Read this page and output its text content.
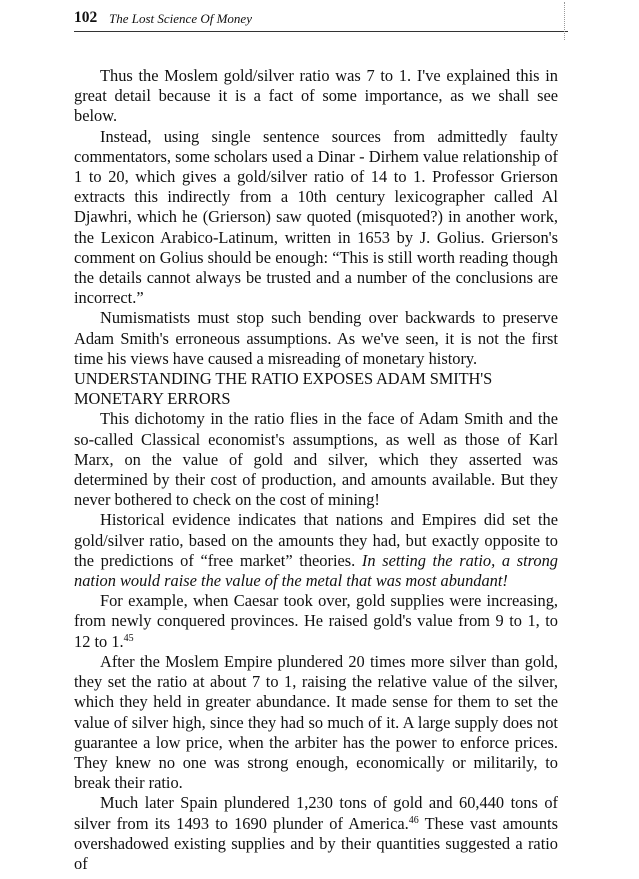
102 The Lost Science Of Money

Thus the Moslem gold/silver ratio was 7 to 1. I've explained this in great detail because it is a fact of some importance, as we shall see below.

Instead, using single sentence sources from admittedly faulty commentators, some scholars used a Dinar - Dirhem value relationship of 1 to 20, which gives a gold/silver ratio of 14 to 1. Professor Grierson extracts this indirectly from a 10th century lexicographer called Al Djawhri, which he (Grierson) saw quoted (misquoted?) in another work, the Lexicon Arabico-Latinum, written in 1653 by J. Golius. Grierson's comment on Golius should be enough: “This is still worth reading though the details cannot always be trusted and a number of the conclusions are incorrect.”

Numismatists must stop such bending over backwards to preserve Adam Smith's erroneous assumptions. As we've seen, it is not the first time his views have caused a misreading of monetary history.

UNDERSTANDING THE RATIO EXPOSES ADAM SMITH'S MONETARY ERRORS

This dichotomy in the ratio flies in the face of Adam Smith and the so-called Classical economist's assumptions, as well as those of Karl Marx, on the value of gold and silver, which they asserted was determined by their cost of production, and amounts available. But they never bothered to check on the cost of mining!

Historical evidence indicates that nations and Empires did set the gold/silver ratio, based on the amounts they had, but exactly opposite to the predictions of “free market” theories. In setting the ratio, a strong nation would raise the value of the metal that was most abundant!

For example, when Caesar took over, gold supplies were increasing, from newly conquered provinces. He raised gold's value from 9 to 1, to 12 to 1.45

After the Moslem Empire plundered 20 times more silver than gold, they set the ratio at about 7 to 1, raising the relative value of the silver, which they held in greater abundance. It made sense for them to set the value of silver high, since they had so much of it. A large supply does not guarantee a low price, when the arbiter has the power to enforce prices. They knew no one was strong enough, economically or militarily, to break their ratio.

Much later Spain plundered 1,230 tons of gold and 60,440 tons of silver from its 1493 to 1690 plunder of America.$^{46}$ These vast amounts overshadowed existing supplies and by their quantities suggested a ratio of
